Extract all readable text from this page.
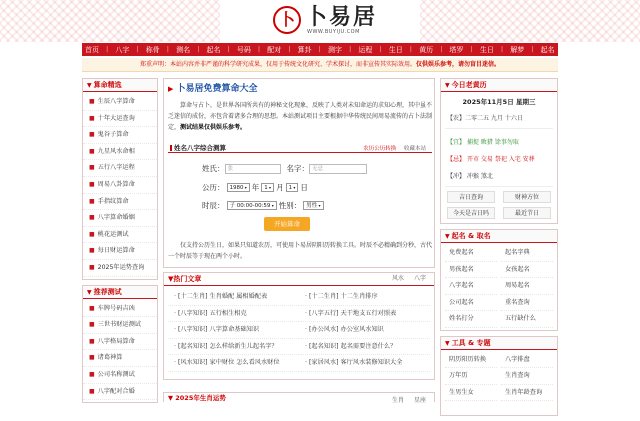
卜 卜易居
WWW.BUYIJU.COM
首页 | 八字 | 称骨 | 测名 | 起名 | 号码 | 配对 | 算卦 | 测字 | 运程 | 生日 | 黄历 | 塔罗 | 生日 | 解梦 | 起名
郑重声明：本站内容并非严谨的科学研究成果，仅用于传统文化研究、学术探讨，而非宣传其实际效用。仅供娱乐参考，请勿盲目迷信。
▼ 算命精选
■ 生辰八字算命
■ 十年大运查询
■ 鬼谷子算命
■ 九星风水命相
■ 五行八字运程
■ 周易八卦算命
■ 手指纹算命
■ 八字算命婚姻
■ 桃花运测试
■ 每日财运算命
■ 2025年运势查询
▼ 推荐测试
■ 车牌号码吉凶
■ 三世书财运测试
■ 八字格局算命
■ 诸葛神算
■ 公司名称测试
■ 八字配对合婚
▶ 卜易居免费算命大全
算命与占卜，是世界各国所共有的神秘文化现象，反映了人类对未知命运的求知心理，其中虽不乏迷信的成份，亦包含着诸多合理的思想。本站测试项目主要根据中华传统民间周易流传的占卜法制定，测试结果仅供娱乐参考。
姓名八字综合测算	农历公历转换 收藏本站
姓氏： 张	名字： 无忌
公历： 1980 ▾	年 1 ▾	月 1 ▾	日
时辰： 子 00:00-00:59 ▾	性别： 男性 ▾
开始算命
仅支持公历生日，如果只知道农历，可使用卜易居阴阳历转换工具。时辰不必精确到分秒，古代一个时辰等于现在两个小时。
▼热门文章	风水 八字
· [十二生肖] 生肖婚配 属相婚配表	· [十二生肖] 十二生肖排序
· [八字知识] 五行相生相克	· [八字五行] 天干地支五行对照表
· [八字知识] 八字算命基础知识	· [办公风水] 办公室风水知识
· [起名知识] 怎么样给新生儿起名字？	· [起名知识] 起名需要注意什么？
· [风水知识] 家中财位 怎么看风水财位	· [家居风水] 客厅风水装修知识大全
▼ 2025年生肖运势	生肖 星座
▼ 今日老黄历
2025年11月5日 星期三
【农】二零二五 九月 十六日
【宜】 捕捉 畋猎 馀事勿取
【忌】 开市 交易 祭祀 入宅 安葬
【冲】 冲猴 煞北
吉日查询	财神方位
今天是吉日吗	最近节日
▼ 起名 & 取名
免费起名	起名字典
男孩起名	女孩起名
八字起名	周易起名
公司起名	重名查询
姓名打分	五行缺什么
▼ 工具 & 专题
阴历阳历转换	八字排盘
万年历	生肖查询
生男生女	生肖年龄查询
